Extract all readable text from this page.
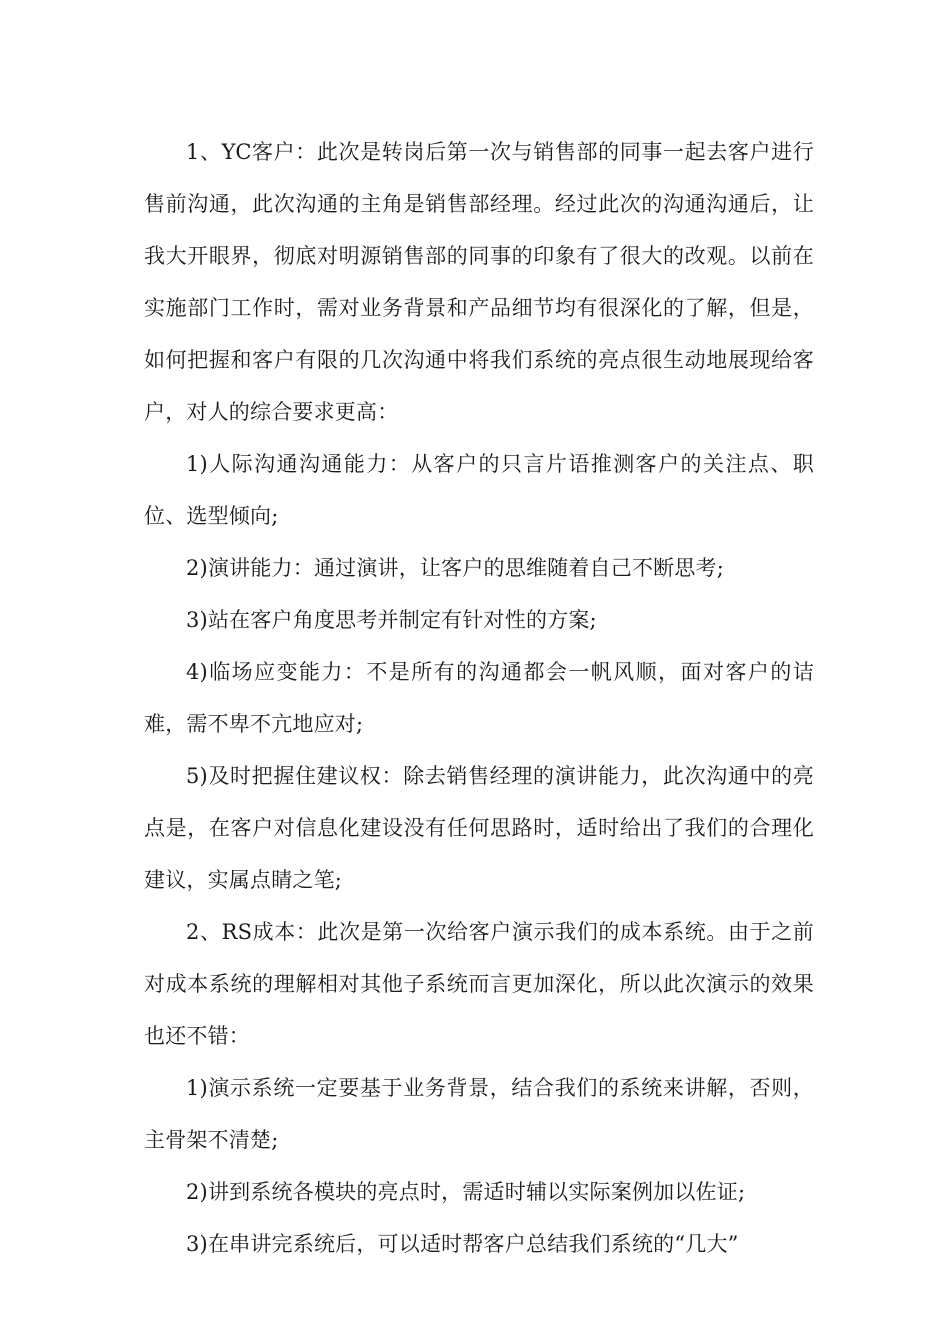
1、YC客户：此次是转岗后第一次与销售部的同事一起去客户进行售前沟通，此次沟通的主角是销售部经理。经过此次的沟通沟通后，让我大开眼界，彻底对明源销售部的同事的印象有了很大的改观。以前在实施部门工作时，需对业务背景和产品细节均有很深化的了解，但是，如何把握和客户有限的几次沟通中将我们系统的亮点很生动地展现给客户，对人的综合要求更高：

1)人际沟通沟通能力：从客户的只言片语推测客户的关注点、职位、选型倾向;

2)演讲能力：通过演讲，让客户的思维随着自己不断思考;

3)站在客户角度思考并制定有针对性的方案;

4)临场应变能力：不是所有的沟通都会一帆风顺，面对客户的诘难，需不卑不亢地应对;

5)及时把握住建议权：除去销售经理的演讲能力，此次沟通中的亮点是，在客户对信息化建设没有任何思路时，适时给出了我们的合理化建议，实属点睛之笔;

2、RS成本：此次是第一次给客户演示我们的成本系统。由于之前对成本系统的理解相对其他子系统而言更加深化，所以此次演示的效果也还不错：

1)演示系统一定要基于业务背景，结合我们的系统来讲解，否则，主骨架不清楚;

2)讲到系统各模块的亮点时，需适时辅以实际案例加以佐证;

3)在串讲完系统后，可以适时帮客户总结我们系统的“几大”
